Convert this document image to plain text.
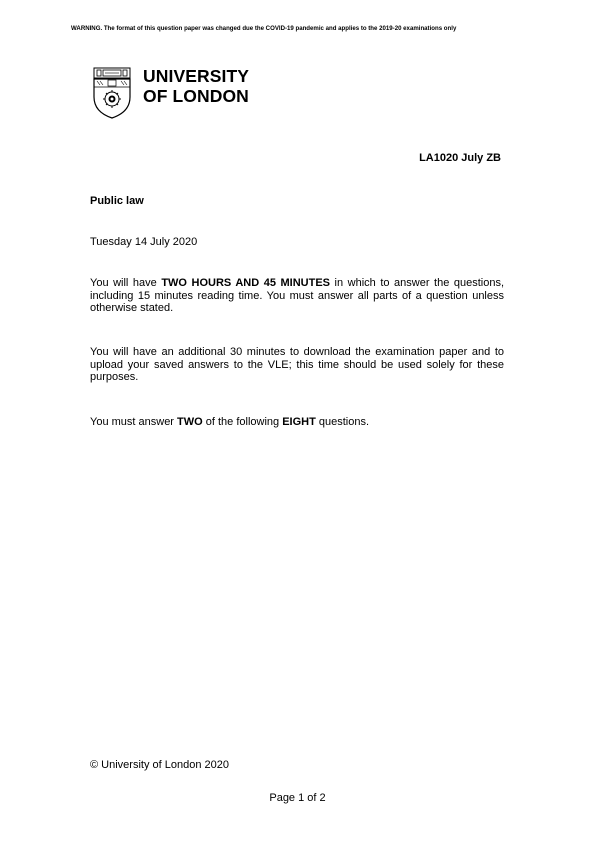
WARNING. The format of this question paper was changed due the COVID-19 pandemic and applies to the 2019-20 examinations only
UNIVERSITY
OF LONDON
LA1020 July ZB
Public law
Tuesday 14 July 2020
You will have TWO HOURS AND 45 MINUTES in which to answer the questions, including 15 minutes reading time. You must answer all parts of a question unless otherwise stated.
You will have an additional 30 minutes to download the examination paper and to upload your saved answers to the VLE; this time should be used solely for these purposes.
You must answer TWO of the following EIGHT questions.
© University of London 2020
Page 1 of 2
